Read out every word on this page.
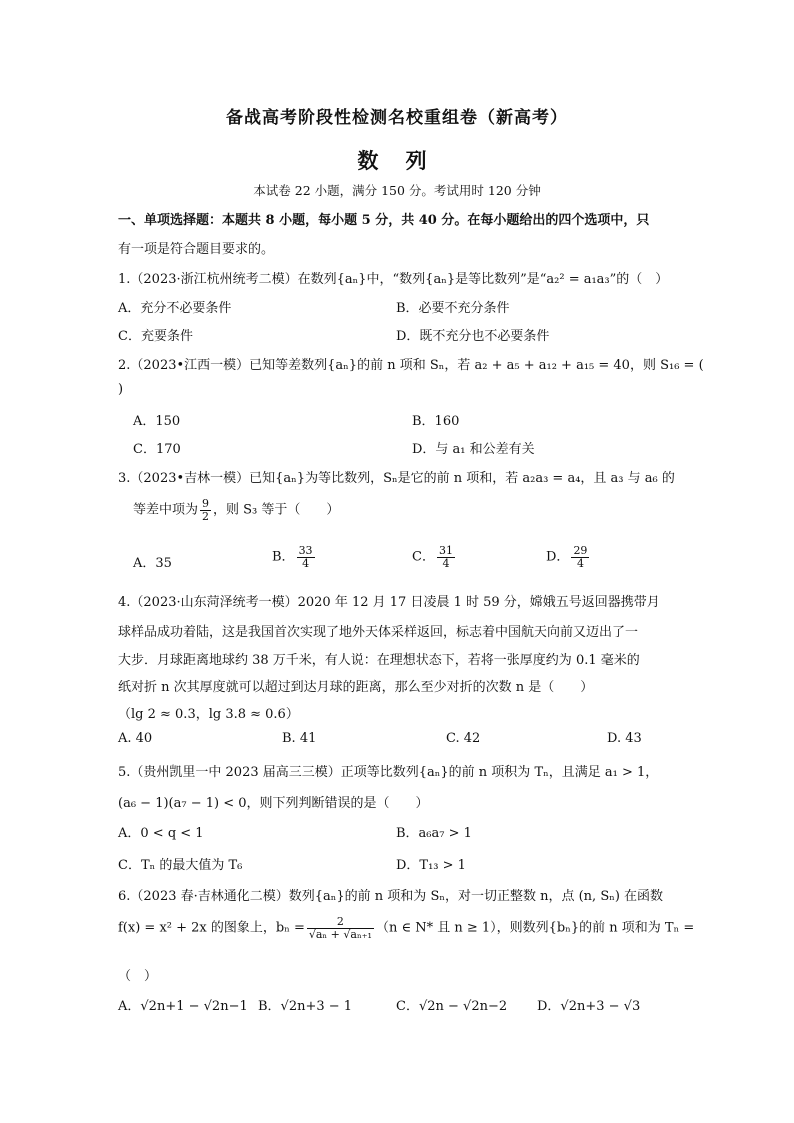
备战高考阶段性检测名校重组卷（新高考）
数 列
本试卷 22 小题，满分 150 分。考试用时 120 分钟
一、单项选择题：本题共 8 小题，每小题 5 分，共 40 分。在每小题给出的四个选项中，只
有一项是符合题目要求的。
1.（2023·浙江杭州统考二模）在数列{aₙ}中，“数列{aₙ}是等比数列”是“a₂² = a₁a₃”的（　）
A．充分不必要条件	B．必要不充分条件
C．充要条件	D．既不充分也不必要条件
2.（2023•江西一模）已知等差数列{aₙ}的前 n 项和 Sₙ，若 a₂ + a₅ + a₁₂ + a₁₅ = 40，则 S₁₆ = (
)
A．150	B．160
C．170	D．与 a₁ 和公差有关
3.（2023•吉林一模）已知{aₙ}为等比数列，Sₙ是它的前 n 项和，若 a₂a₃ = a₄，且 a₃ 与 a₆ 的
等差中项为 $\frac{9}{2}$ ，则 S₃ 等于（　　）
A．35	B． $\frac{33}{4}$	C． $\frac{31}{4}$	D． $\frac{29}{4}$
4.（2023·山东菏泽统考一模）2020 年 12 月 17 日凌晨 1 时 59 分，嫦娥五号返回器携带月
球样品成功着陆，这是我国首次实现了地外天体采样返回，标志着中国航天向前又迈出了一
大步．月球距离地球约 38 万千米，有人说：在理想状态下，若将一张厚度约为 0.1 毫米的
纸对折 n 次其厚度就可以超过到达月球的距离，那么至少对折的次数 n 是（　　）
（lg 2 ≈ 0.3，lg 3.8 ≈ 0.6）
A. 40	B. 41	C. 42	D. 43
5.（贵州凯里一中 2023 届高三三模）正项等比数列{aₙ}的前 n 项积为 Tₙ，且满足 a₁ > 1，
(a₆ − 1)(a₇ − 1) < 0，则下列判断错误的是（　　）
A．0 < q < 1	B．a₆a₇ > 1
C．Tₙ 的最大值为 T₆	D．T₁₃ > 1
6.（2023 春·吉林通化二模）数列{aₙ}的前 n 项和为 Sₙ，对一切正整数 n，点 (n, Sₙ) 在函数
f(x) = x² + 2x 的图象上，$b_n = \frac{2}{\text{√aₙ + √aₙ₊₁}} (n$ ∈ N* 且 n ≥ 1），则数列{bₙ}的前 n 项和为 Tₙ =
（　）
A．√2n+1 − √2n−1 B．√2n+3 − 1	C．√2n − √2n−2 D．√2n+3 − √3
